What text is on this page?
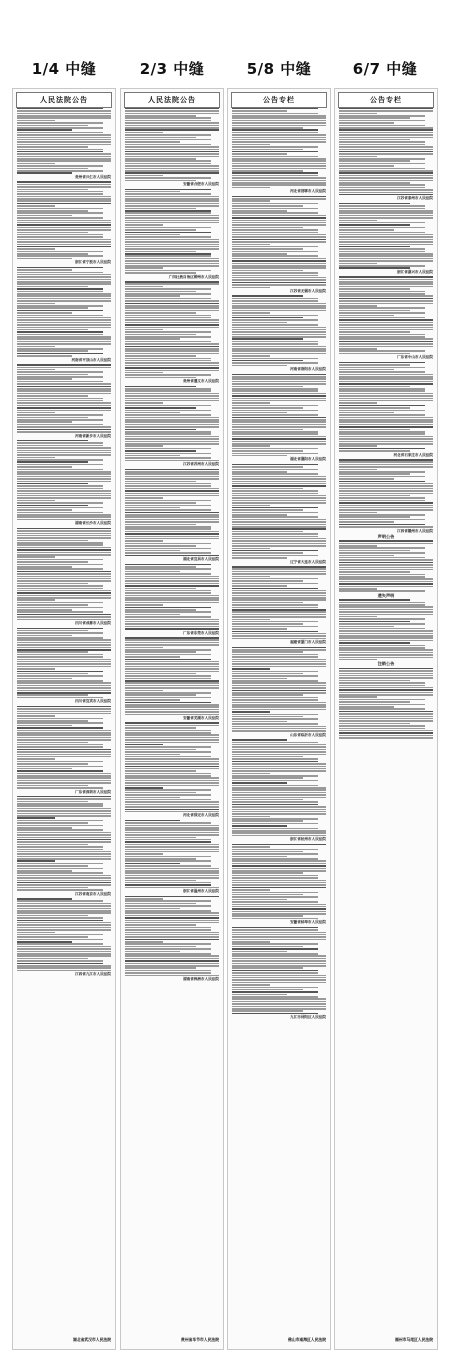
1/4 中缝	2/3 中缝	5/8 中缝	6/7 中缝
人民法院公告
贵州省兴仁市人民法院
浙江省宁波市人民法院
河南省平顶山市人民法院
河南省新乡市人民法院
湖南省长沙市人民法院
四川省成都市人民法院
四川省宜宾市人民法院
广东省深圳市人民法院
江苏省南京市人民法院
江西省九江市人民法院
湖北省武汉市人民法院
人民法院公告
安徽省合肥市人民法院
广西壮族自治区柳州市人民法院
贵州省遵义市人民法院
江苏省苏州市人民法院
湖北省宜昌市人民法院
广东省东莞市人民法院
安徽省芜湖市人民法院
河北省保定市人民法院
浙江省温州市人民法院
湖南省株洲市人民法院
贵州省毕节市人民法院
公告专栏
河北省邯郸市人民法院
江苏省无锡市人民法院
河南省洛阳市人民法院
湖北省襄阳市人民法院
辽宁省大连市人民法院
福建省厦门市人民法院
山东省临沂市人民法院
浙江省杭州市人民法院
安徽省蚌埠市人民法院
九江市浔阳区人民法院
佛山市南海区人民法院
公告专栏
江苏省泰州市人民法院
浙江省嘉兴市人民法院
广东省中山市人民法院
河北省石家庄市人民法院
江西省赣州市人民法院
声明公告
遗失声明
注销公告
福州市马尾区人民法院
